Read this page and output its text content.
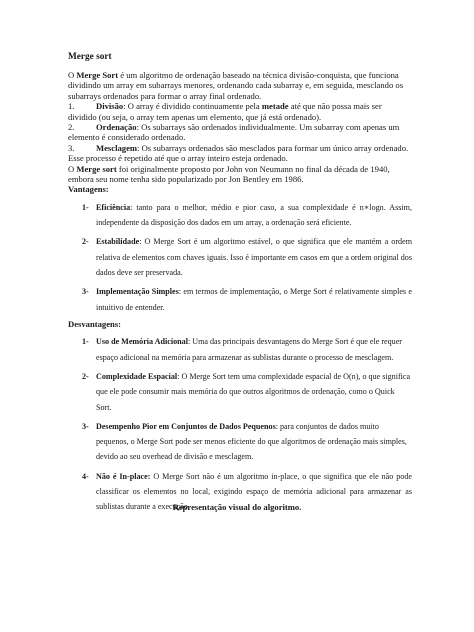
Merge sort
O Merge Sort é um algoritmo de ordenação baseado na técnica divisão-conquista, que funciona dividindo um array em subarrays menores, ordenando cada subarray e, em seguida, mesclando os subarrays ordenados para formar o array final ordenado.
1.	Divisão: O array é dividido continuamente pela metade até que não possa mais ser dividido (ou seja, o array tem apenas um elemento, que já está ordenado).
2.	Ordenação: Os subarrays são ordenados individualmente. Um subarray com apenas um elemento é considerado ordenado.
3.	Mesclagem: Os subarrays ordenados são mesclados para formar um único array ordenado. Esse processo é repetido até que o array inteiro esteja ordenado.
O Merge sort foi originalmente proposto por John von Neumann no final da década de 1940, embora seu nome tenha sido popularizado por Jon Bentley em 1986.
Vantagens:
1- Eficiência: tanto para o melhor, médio e pior caso, a sua complexidade é n∗logn. Assim, independente da disposição dos dados em um array, a ordenação será eficiente.
2- Estabilidade: O Merge Sort é um algoritmo estável, o que significa que ele mantém a ordem relativa de elementos com chaves iguais. Isso é importante em casos em que a ordem original dos dados deve ser preservada.
3- Implementação Simples: em termos de implementação, o Merge Sort é relativamente simples e intuitivo de entender.
Desvantagens:
1- Uso de Memória Adicional: Uma das principais desvantagens do Merge Sort é que ele requer espaço adicional na memória para armazenar as sublistas durante o processo de mesclagem.
2- Complexidade Espacial: O Merge Sort tem uma complexidade espacial de O(n), o que significa que ele pode consumir mais memória do que outros algoritmos de ordenação, como o Quick Sort.
3- Desempenho Pior em Conjuntos de Dados Pequenos: para conjuntos de dados muito pequenos, o Merge Sort pode ser menos eficiente do que algoritmos de ordenação mais simples, devido ao seu overhead de divisão e mesclagem.
4- Não é In-place: O Merge Sort não é um algoritmo in-place, o que significa que ele não pode classificar os elementos no local, exigindo espaço de memória adicional para armazenar as sublistas durante a execução.
Representação visual do algoritmo.
